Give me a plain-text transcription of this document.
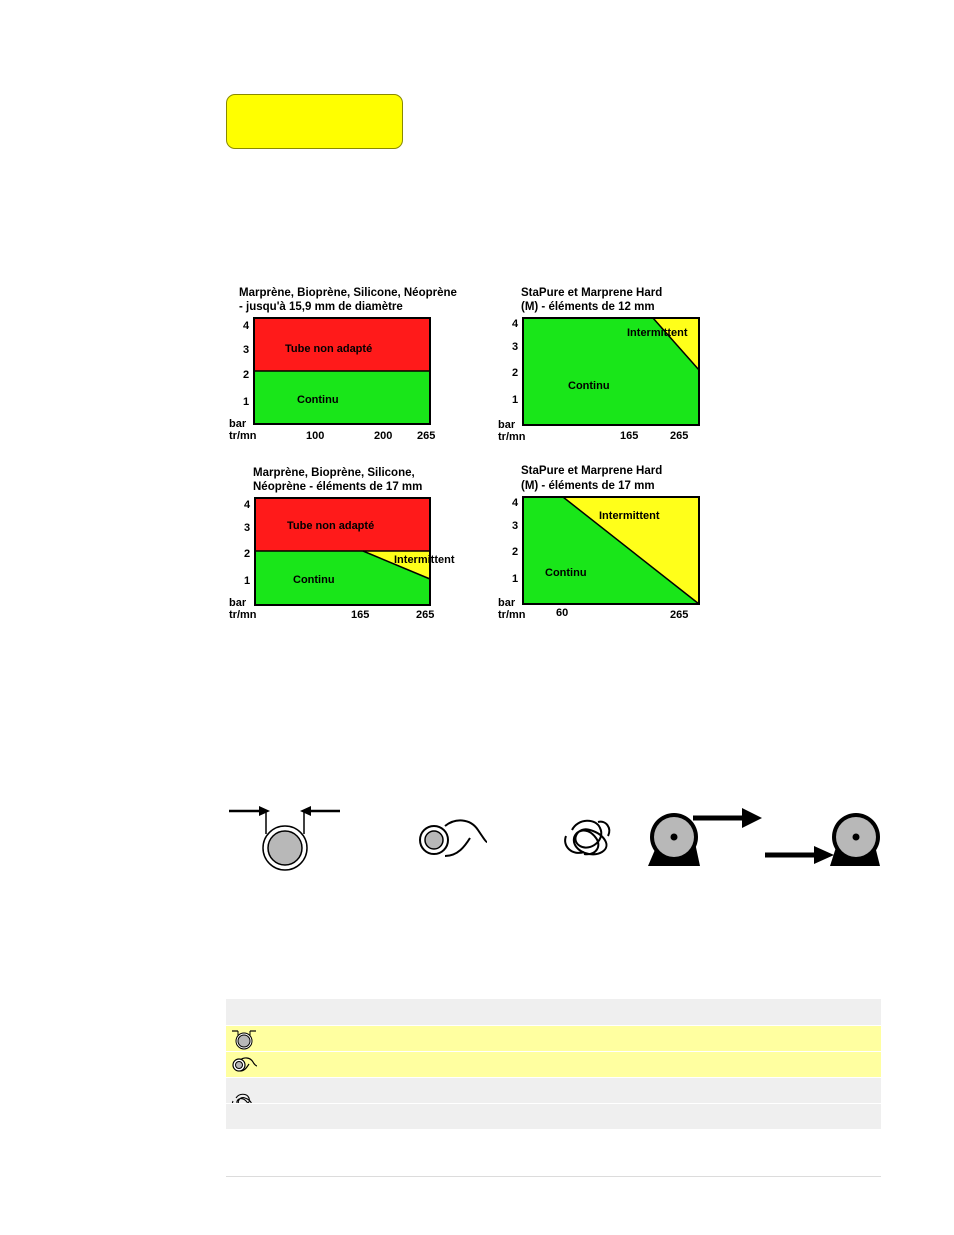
Marprène, Bioprène, Silicone, Néoprène
- jusqu'à 15,9 mm de diamètre
Tube non adapté
Continu
1
2
3
4
bar
tr/mn	100	200 265
StaPure et Marprene Hard
(M) - éléments de 12 mm
Continu
Intermittent
1
2
3
4
bar
tr/mn	165	265
Marprène, Bioprène, Silicone,
Néoprène - éléments de 17 mm
Tube non adapté
Continu
Intermittent
1
2
3
4
bar
tr/mn	165	265
StaPure et Marprene Hard
(M) - éléments de 17 mm
Intermittent
Continu
1
2
3
4
bar
tr/mn	60	265
